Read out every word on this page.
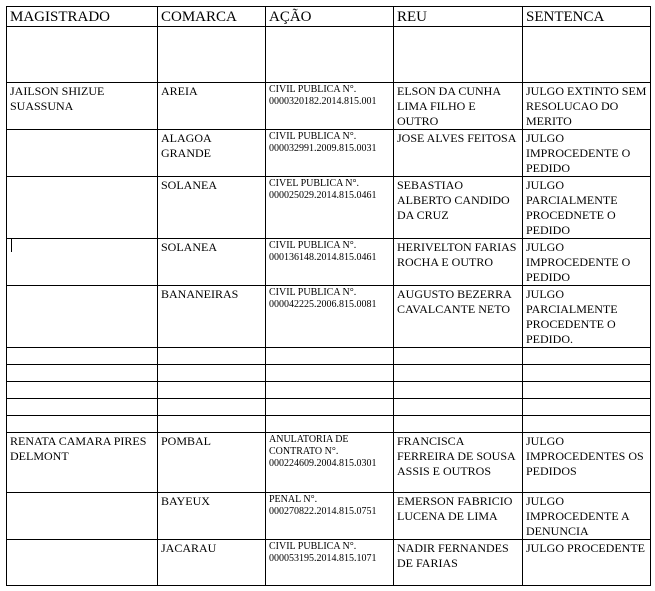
MAGISTRADO	COMARCA	AÇÃO	REU	SENTENCA

JAILSON SHIZUE SUASSUNA	AREIA	CIVIL PUBLICA N°. 0000320182.2014.815.001	ELSON DA CUNHA LIMA FILHO E OUTRO	JULGO EXTINTO SEM RESOLUCAO DO MERITO
	ALAGOA GRANDE	CIVIL PUBLICA N°. 000032991.2009.815.0031	JOSE ALVES FEITOSA	JULGO IMPROCEDENTE O PEDIDO
	SOLANEA	CIVEL PUBLICA N°. 000025029.2014.815.0461	SEBASTIAO ALBERTO CANDIDO DA CRUZ	JULGO PARCIALMENTE PROCEDNETE O PEDIDO
	SOLANEA	CIVIL PUBLICA N°. 000136148.2014.815.0461	HERIVELTON FARIAS ROCHA E OUTRO	JULGO IMPROCEDENTE O PEDIDO
	BANANEIRAS	CIVIL PUBLICA N°. 000042225.2006.815.0081	AUGUSTO BEZERRA CAVALCANTE NETO	JULGO PARCIALMENTE PROCEDENTE O PEDIDO.

RENATA CAMARA PIRES DELMONT	POMBAL	ANULATORIA DE CONTRATO N°. 000224609.2004.815.0301	FRANCISCA FERREIRA DE SOUSA ASSIS E OUTROS	JULGO IMPROCEDENTES OS PEDIDOS
	BAYEUX	PENAL N°. 000270822.2014.815.0751	EMERSON FABRICIO LUCENA DE LIMA	JULGO IMPROCEDENTE A DENUNCIA
	JACARAU	CIVIL PUBLICA N°. 000053195.2014.815.1071	NADIR FERNANDES DE FARIAS	JULGO PROCEDENTE
